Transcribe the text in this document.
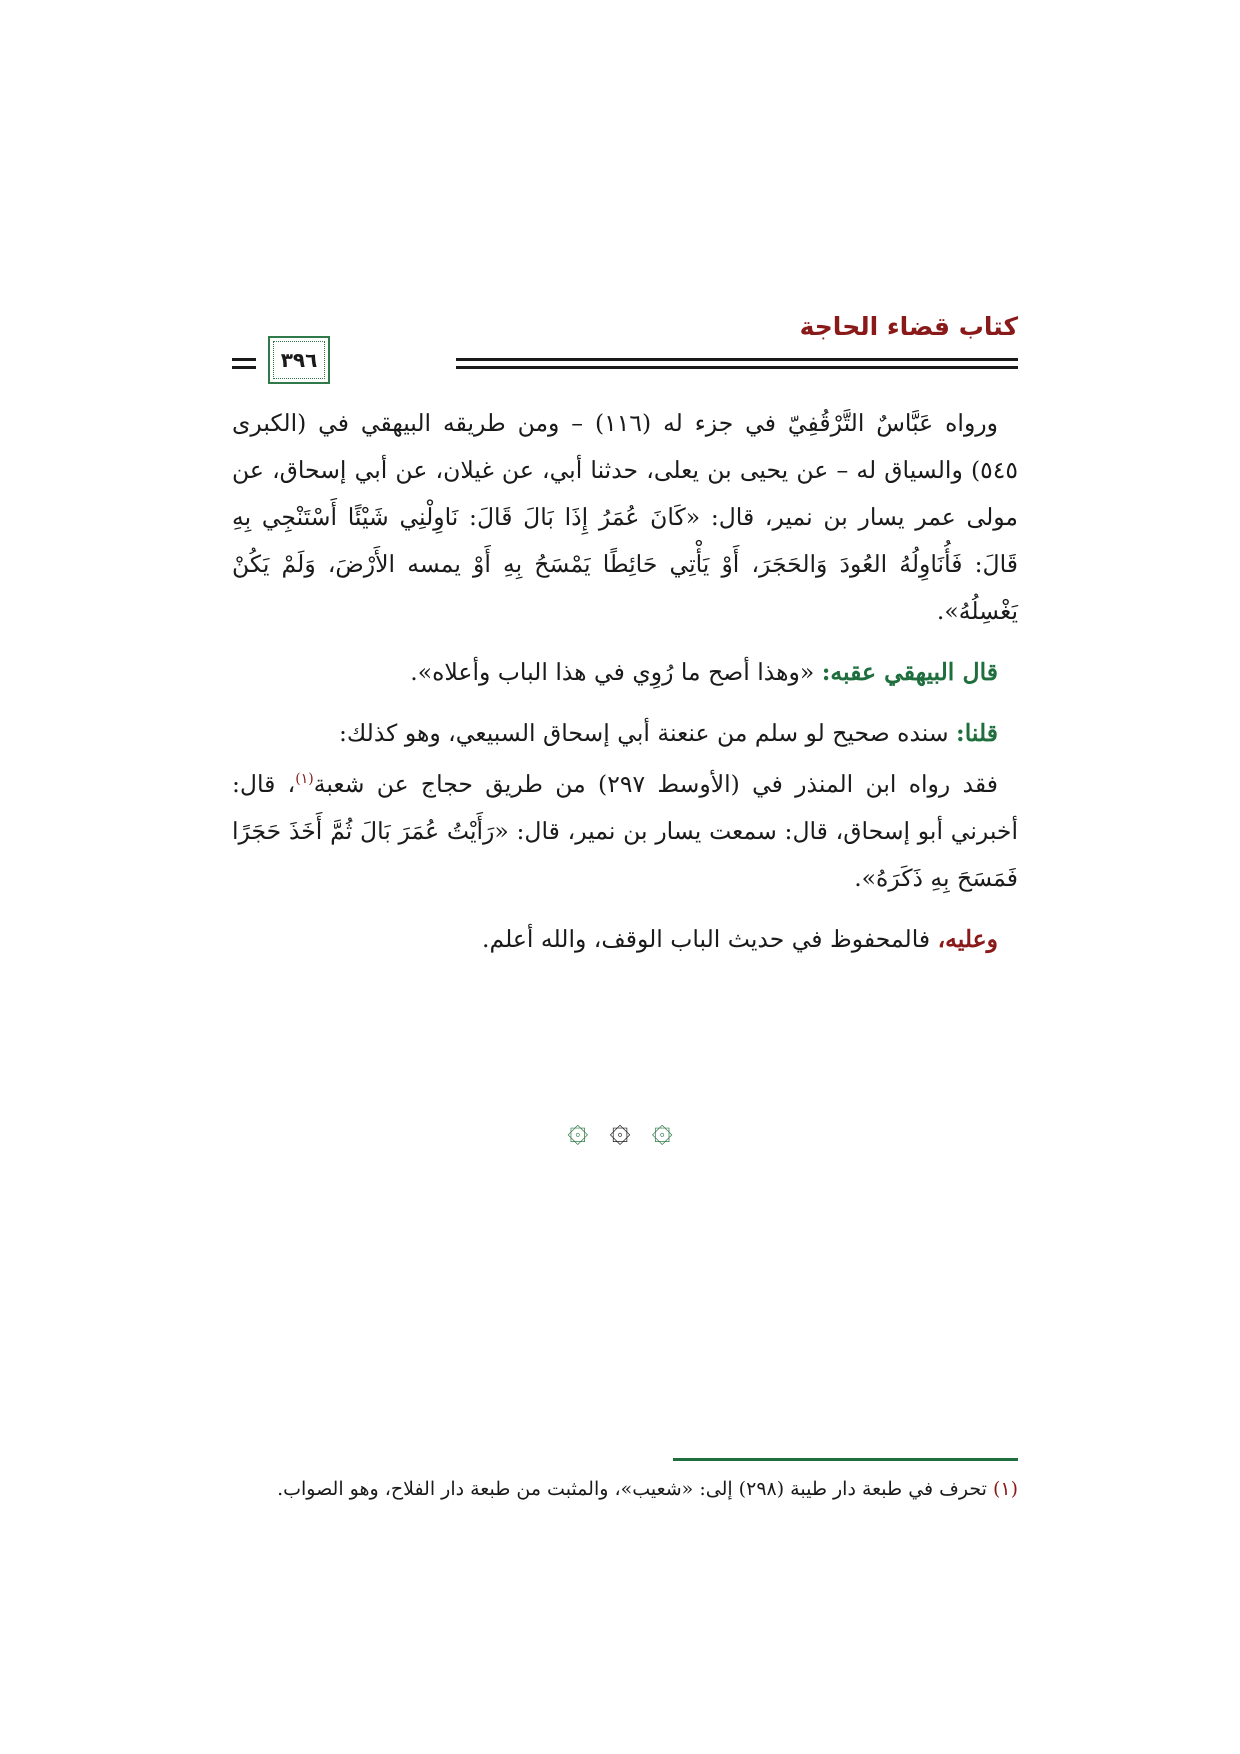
كتاب قضاء الحاجة
٣٩٦

ورواه عَبَّاسٌ التَّرْقُفِيّ في جزء له (١١٦) – ومن طريقه البيهقي في (الكبرى ٥٤٥) والسياق له – عن يحيى بن يعلى، حدثنا أبي، عن غيلان، عن أبي إسحاق، عن مولى عمر يسار بن نمير، قال: «كَانَ عُمَرُ إِذَا بَالَ قَالَ: نَاوِلْنِي شَيْئًا أَسْتَنْجِي بِهِ قَالَ: فَأُنَاوِلُهُ العُودَ وَالحَجَرَ، أَوْ يَأْتِي حَائِطًا يَمْسَحُ بِهِ أَوْ يمسه الأَرْضَ، وَلَمْ يَكُنْ يَغْسِلُهُ».

قال البيهقي عقبه: «وهذا أصح ما رُوِي في هذا الباب وأعلاه».

قلنا: سنده صحيح لو سلم من عنعنة أبي إسحاق السبيعي، وهو كذلك:

فقد رواه ابن المنذر في (الأوسط ٢٩٧) من طريق حجاج عن شعبة$^{(١)}$، قال: أخبرني أبو إسحاق، قال: سمعت يسار بن نمير، قال: «رَأَيْتُ عُمَرَ بَالَ ثُمَّ أَخَذَ حَجَرًا فَمَسَحَ بِهِ ذَكَرَهُ».

وعليه، فالمحفوظ في حديث الباب الوقف، والله أعلم.

۞ ۞ ۞
(١) تحرف في طبعة دار طيبة (٢٩٨) إلى: «شعيب»، والمثبت من طبعة دار الفلاح، وهو الصواب.
